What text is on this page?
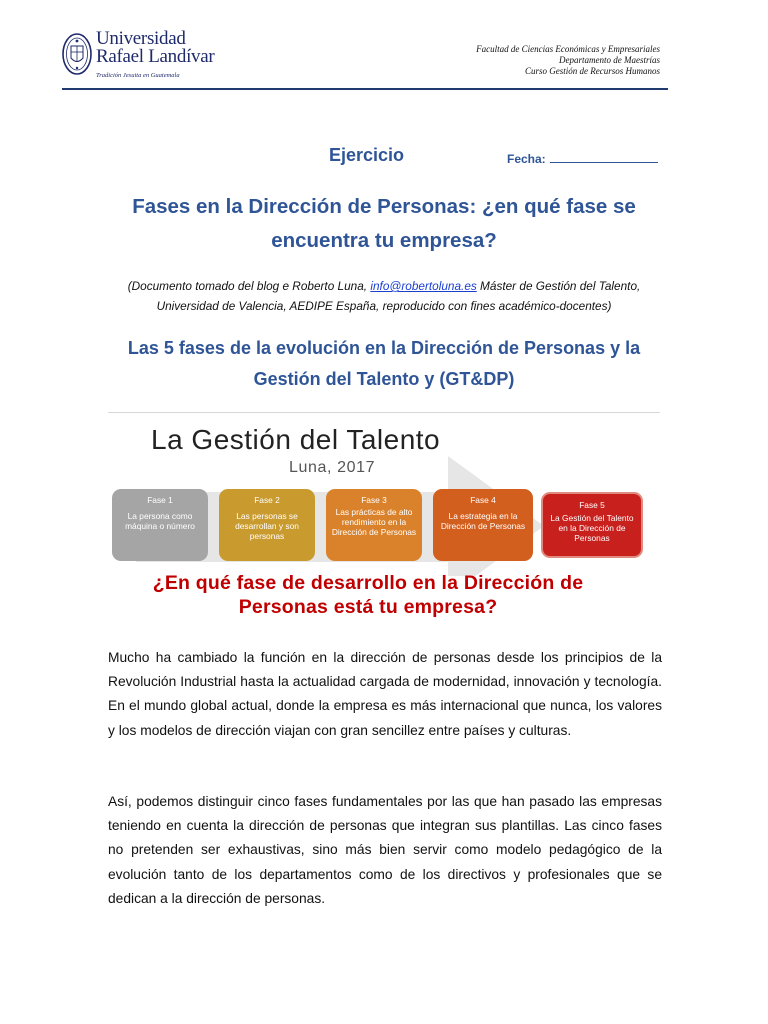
Universidad
Rafael Landívar
Tradición Jesuita en Guatemala
Facultad de Ciencias Económicas y Empresariales
Departamento de Maestrías
Curso Gestión de Recursos Humanos
Ejercicio	Fecha:
Fases en la Dirección de Personas: ¿en qué fase se encuentra tu empresa?
(Documento tomado del blog e Roberto Luna, info@robertoluna.es Máster de Gestión del Talento, Universidad de Valencia, AEDIPE España, reproducido con fines académico-docentes)
Las 5 fases de la evolución en la Dirección de Personas y la Gestión del Talento y (GT&DP)
La Gestión del Talento
Luna, 2017
Fase 1
La persona como máquina o número
Fase 2
Las personas se desarrollan y son personas
Fase 3
Las prácticas de alto rendimiento en la Dirección de Personas
Fase 4
La estrategia en la Dirección de Personas
Fase 5
La Gestión del Talento en la Dirección de Personas
¿En qué fase de desarrollo en la Dirección de Personas está tu empresa?

Mucho ha cambiado la función en la dirección de personas desde los principios de la Revolución Industrial hasta la actualidad cargada de modernidad, innovación y tecnología. En el mundo global actual, donde la empresa es más internacional que nunca, los valores y los modelos de dirección viajan con gran sencillez entre países y culturas.

Así, podemos distinguir cinco fases fundamentales por las que han pasado las empresas teniendo en cuenta la dirección de personas que integran sus plantillas. Las cinco fases no pretenden ser exhaustivas, sino más bien servir como modelo pedagógico de la evolución tanto de los departamentos como de los directivos y profesionales que se dedican a la dirección de personas.
